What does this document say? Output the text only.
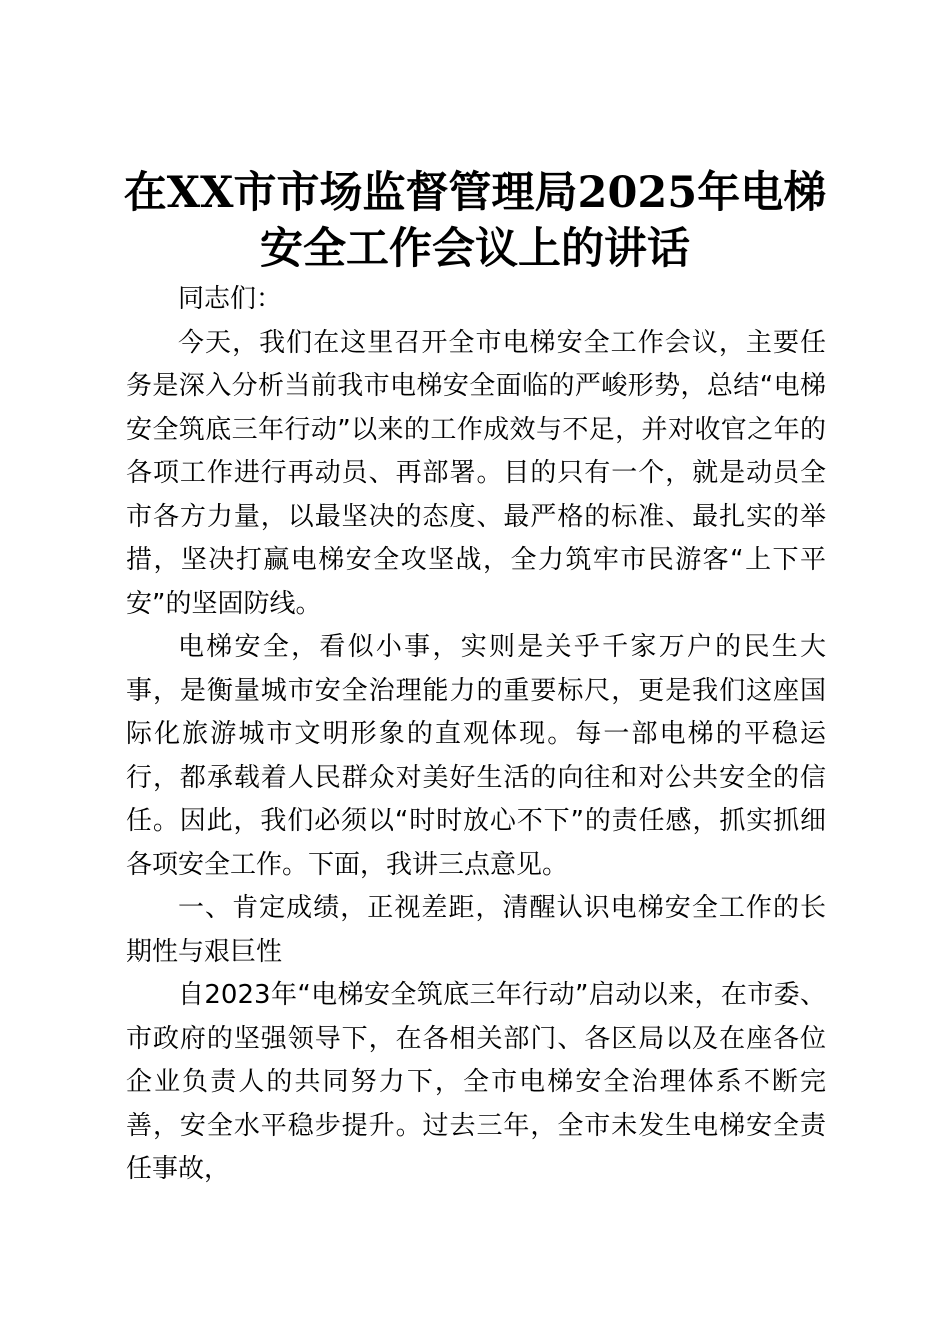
在XX市市场监督管理局2025年电梯安全工作会议上的讲话

同志们：

今天，我们在这里召开全市电梯安全工作会议，主要任务是深入分析当前我市电梯安全面临的严峻形势，总结“电梯安全筑底三年行动”以来的工作成效与不足，并对收官之年的各项工作进行再动员、再部署。目的只有一个，就是动员全市各方力量，以最坚决的态度、最严格的标准、最扎实的举措，坚决打赢电梯安全攻坚战，全力筑牢市民游客“上下平安”的坚固防线。

电梯安全，看似小事，实则是关乎千家万户的民生大事，是衡量城市安全治理能力的重要标尺，更是我们这座国际化旅游城市文明形象的直观体现。每一部电梯的平稳运行，都承载着人民群众对美好生活的向往和对公共安全的信任。因此，我们必须以“时时放心不下”的责任感，抓实抓细各项安全工作。下面，我讲三点意见。

一、肯定成绩，正视差距，清醒认识电梯安全工作的长期性与艰巨性

自2023年“电梯安全筑底三年行动”启动以来，在市委、市政府的坚强领导下，在各相关部门、各区局以及在座各位企业负责人的共同努力下，全市电梯安全治理体系不断完善，安全水平稳步提升。过去三年，全市未发生电梯安全责任事故，
